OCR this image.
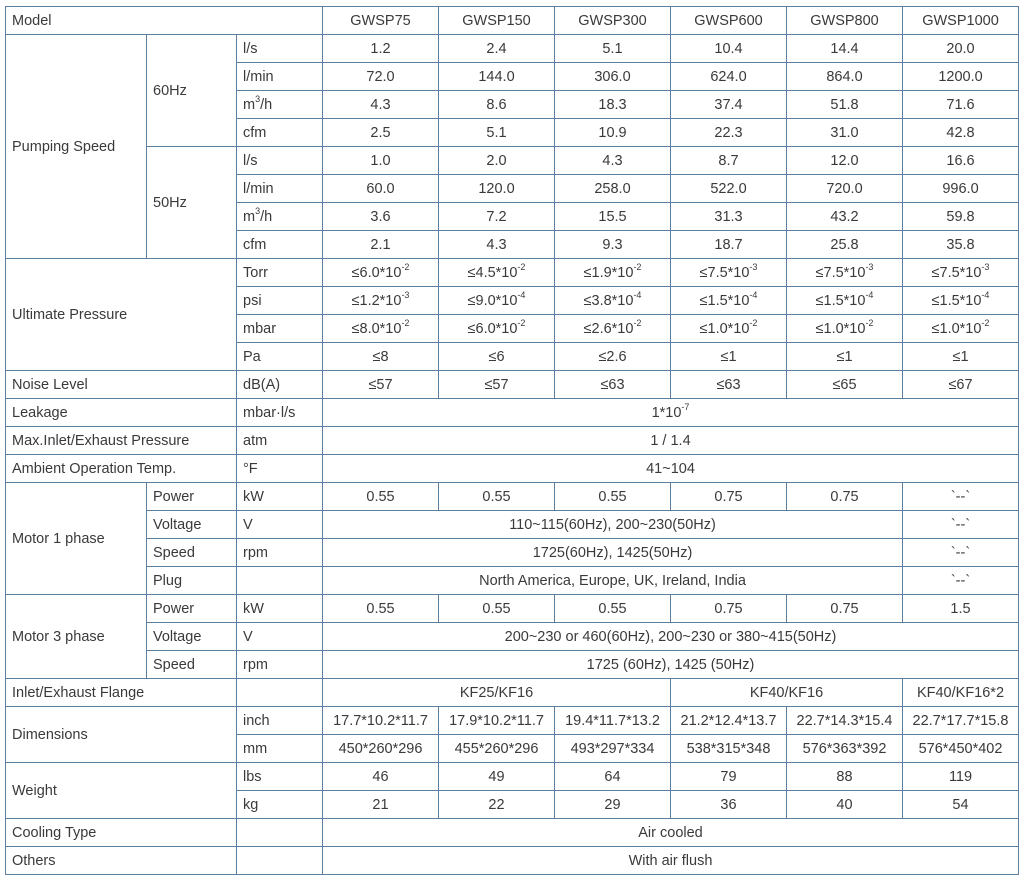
Model			GWSP75	GWSP150	GWSP300	GWSP600	GWSP800	GWSP1000
Pumping Speed	60Hz	l/s	1.2	2.4	5.1	10.4	14.4	20.0
		l/min	72.0	144.0	306.0	624.0	864.0	1200.0
		$m^3/h$	4.3	8.6	18.3	37.4	51.8	71.6
		cfm	2.5	5.1	10.9	22.3	31.0	42.8
	50Hz	l/s	1.0	2.0	4.3	8.7	12.0	16.6
		l/min	60.0	120.0	258.0	522.0	720.0	996.0
		$m^3/h$	3.6	7.2	15.5	31.3	43.2	59.8
		cfm	2.1	4.3	9.3	18.7	25.8	35.8
Ultimate Pressure		Torr	$\le 6.0*10^{-2}$	$\le 4.5*10^{-2}$	$\le 1.9*10^{-2}$	$\le 7.5*10^{-3}$	$\le 7.5*10^{-3}$	$\le 7.5*10^{-3}$
		psi	$\le 1.2*10^{-3}$	$\le 9.0*10^{-4}$	$\le 3.8*10^{-4}$	$\le 1.5*10^{-4}$	$\le 1.5*10^{-4}$	$\le 1.5*10^{-4}$
		mbar	$\le 8.0*10^{-2}$	$\le 6.0*10^{-2}$	$\le 2.6*10^{-2}$	$\le 1.0*10^{-2}$	$\le 1.0*10^{-2}$	$\le 1.0*10^{-2}$
		Pa	≤8	≤6	≤2.6	≤1	≤1	≤1
Noise Level		dB(A)	≤57	≤57	≤63	≤63	≤65	≤67
Leakage		mbar·l/s	$1*10^{-7}$
Max.Inlet/Exhaust Pressure		atm	1 / 1.4					
Ambient Operation Temp.		°F	41~104					
Motor 1 phase	Power	kW	0.55	0.55	0.55	0.75	0.75	`--`
	Voltage	V	110~115(60Hz), 200~230(50Hz)					`--`
	Speed	rpm	1725(60Hz), 1425(50Hz)					`--`
	Plug		North America, Europe, UK, Ireland, India					`--`
Motor 3 phase	Power	kW	0.55	0.55	0.55	0.75	0.75	1.5
	Voltage	V	200~230 or 460(60Hz), 200~230 or 380~415(50Hz)					
	Speed	rpm	1725 (60Hz), 1425 (50Hz)					
Inlet/Exhaust Flange			KF25/KF16			KF40/KF16		KF40/KF16*2
Dimensions		inch	17.7*10.2*11.7	17.9*10.2*11.7	19.4*11.7*13.2	21.2*12.4*13.7	22.7*14.3*15.4	22.7*17.7*15.8
		mm	450*260*296	455*260*296	493*297*334	538*315*348	576*363*392	576*450*402
Weight		lbs	46	49	64	79	88	119
		kg	21	22	29	36	40	54
Cooling Type			Air cooled					
Others			With air flush					
